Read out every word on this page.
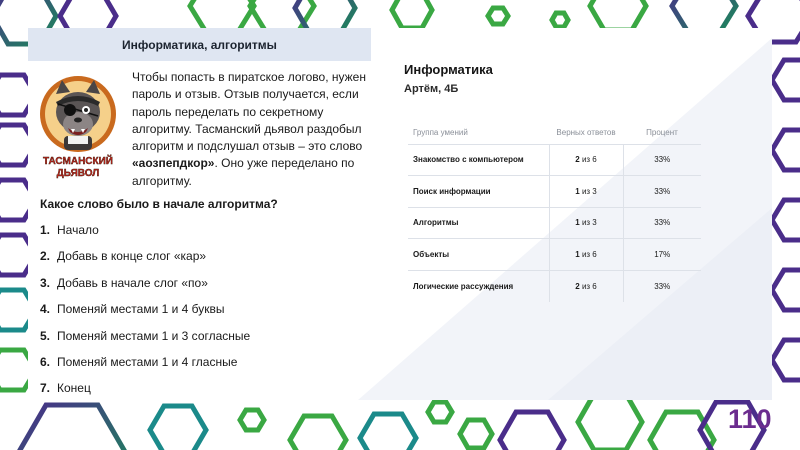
Информатика, алгоритмы
ТАСМАНСКИЙ
ДЬЯВОЛ
Чтобы попасть в пиратское логово, нужен пароль и отзыв. Отзыв получается, если пароль переделать по секретному алгоритму. Тасманский дьявол раздобыл алгоритм и подслушал отзыв – это слово «аозпепдкор». Оно уже переделано по алгоритму.
Какое слово было в начале алгоритма?
1. Начало
2. Добавь в конце слог «кар»
3. Добавь в начале слог «по»
4. Поменяй местами 1 и 4 буквы
5. Поменяй местами 1 и 3 согласные
6. Поменяй местами 1 и 4 гласные
7. Конец
Информатика
Артём, 4Б
Группа умений	Верных ответов	Процент
Знакомство с компьютером	2 из 6	33%
Поиск информации	1 из 3	33%
Алгоритмы	1 из 3	33%
Объекты	1 из 6	17%
Логические рассуждения	2 из 6	33%
110
